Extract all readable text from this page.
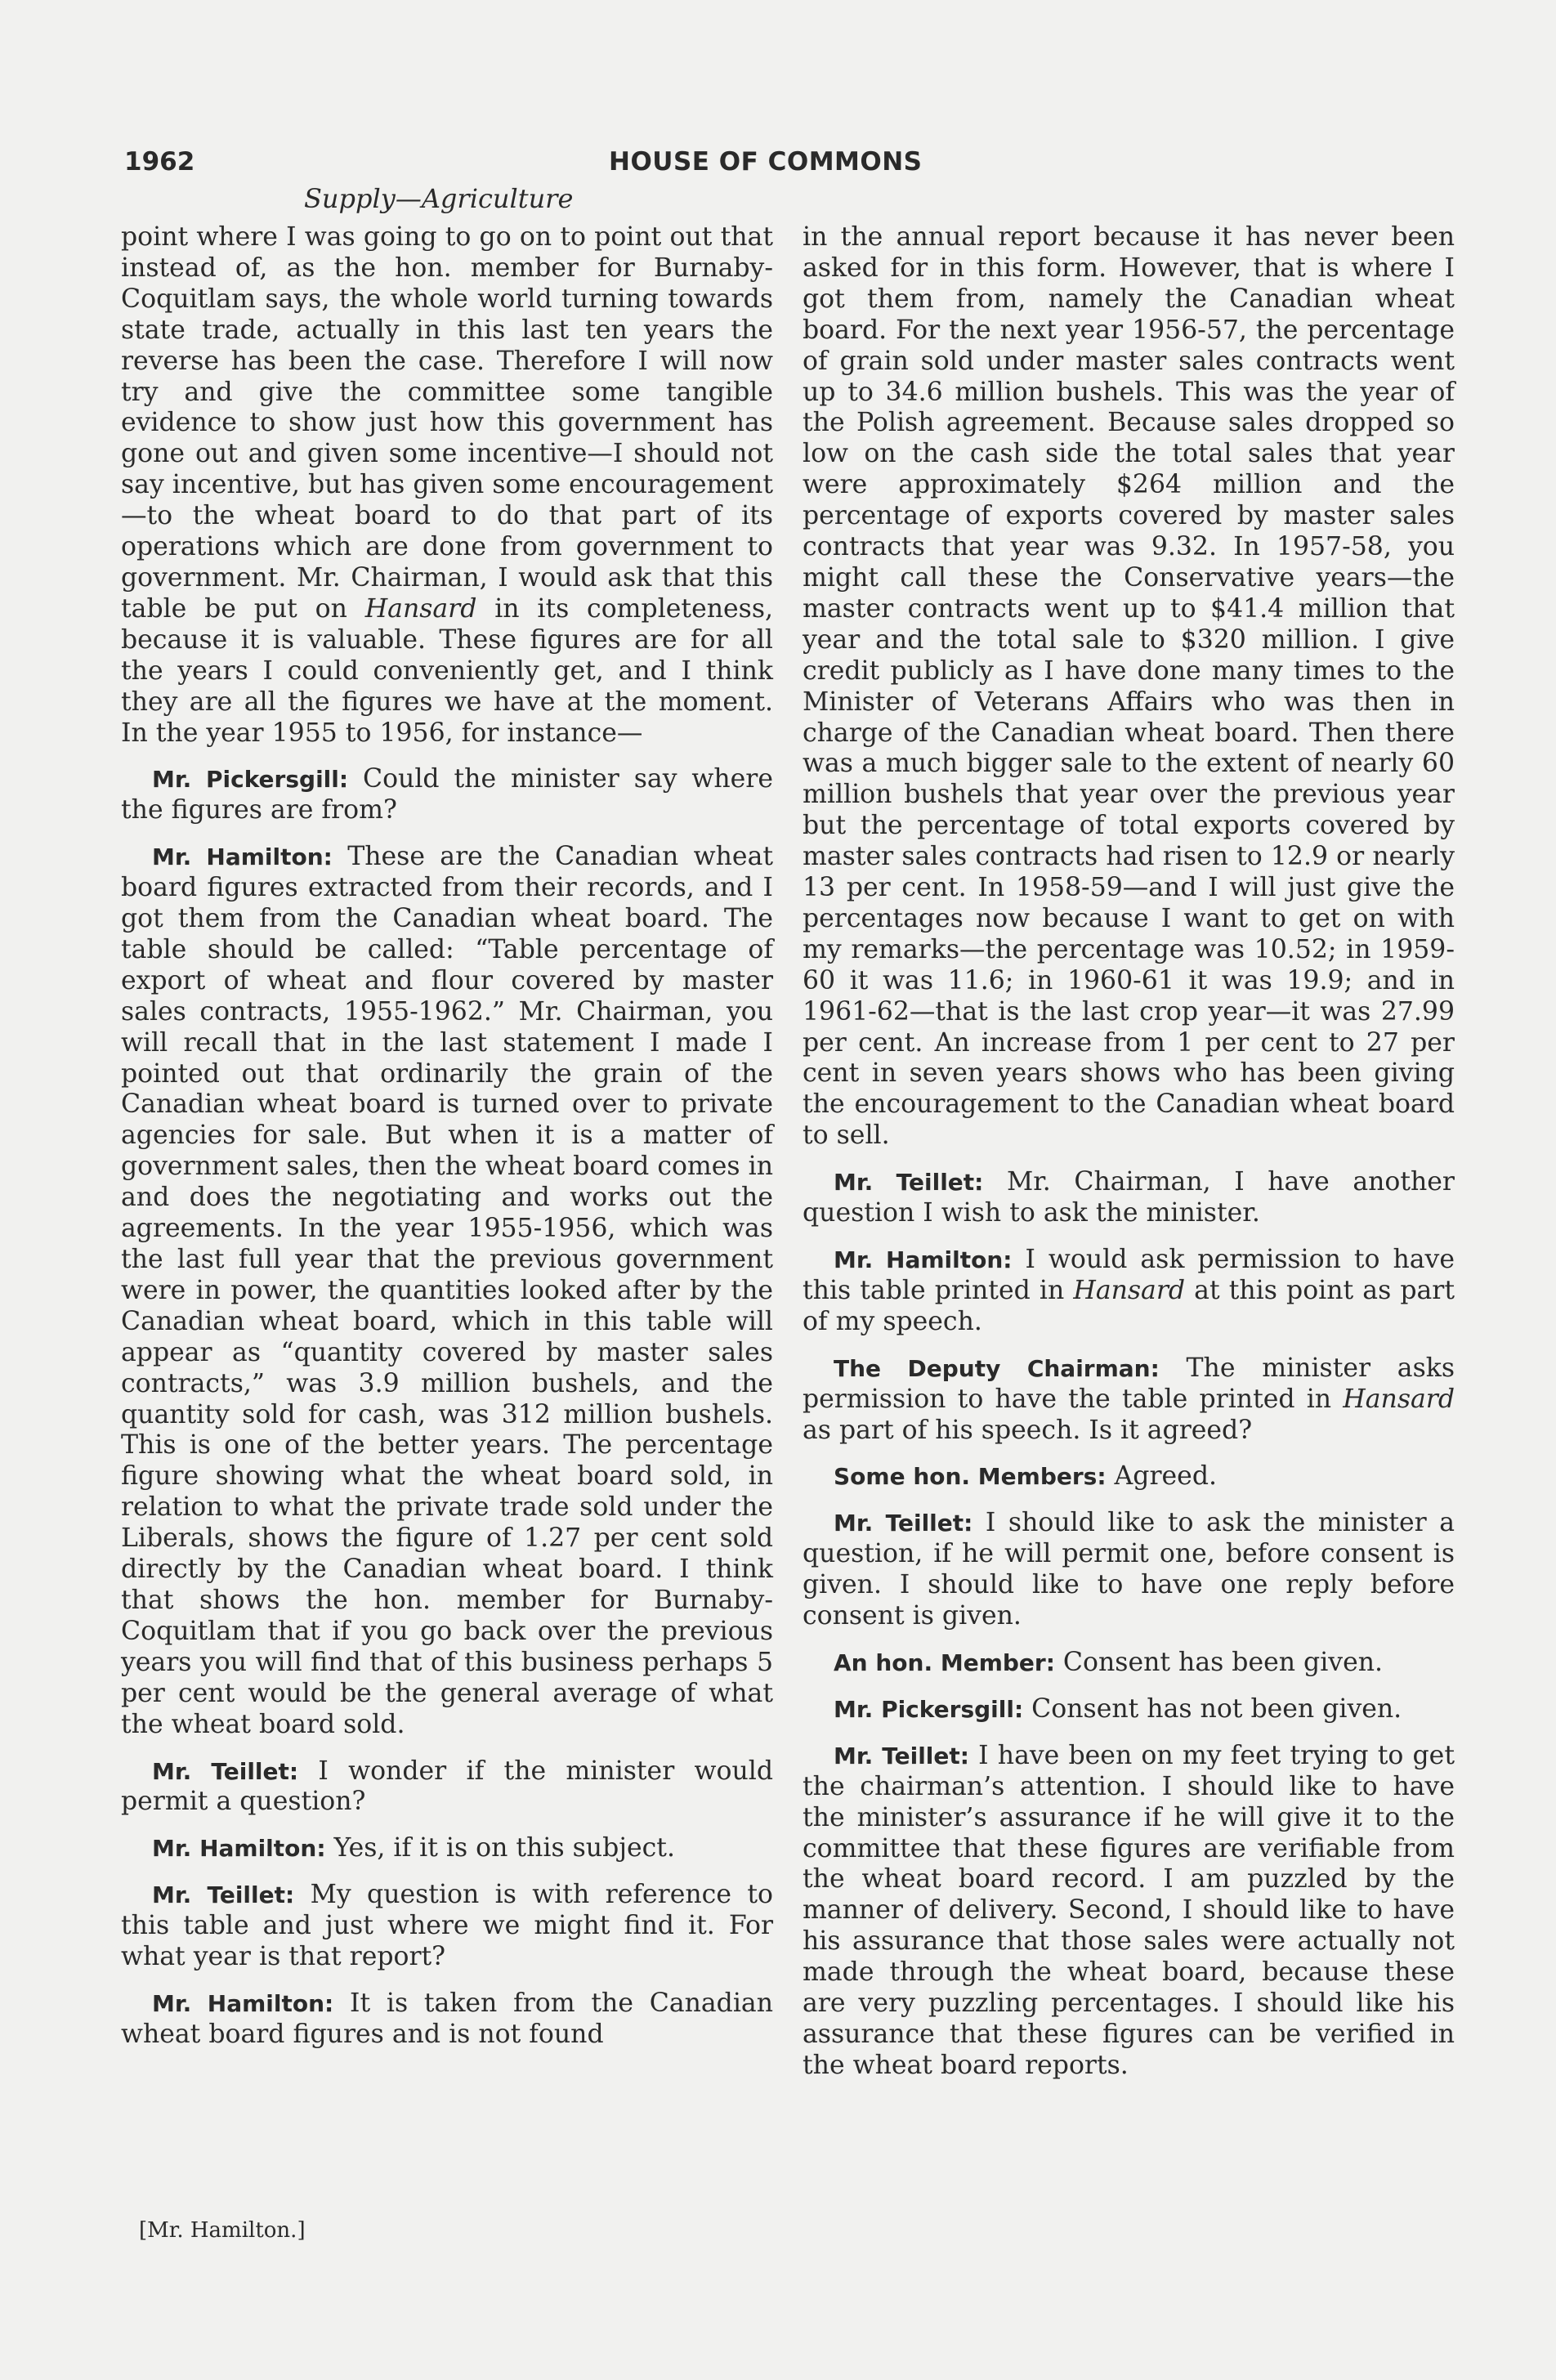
1962	HOUSE OF COMMONS
Supply—Agriculture

point where I was going to go on to point out that instead of, as the hon. member for Burnaby-Coquitlam says, the whole world turning towards state trade, actually in this last ten years the reverse has been the case. Therefore I will now try and give the committee some tangible evidence to show just how this government has gone out and given some incentive—I should not say incentive, but has given some encouragement—to the wheat board to do that part of its operations which are done from government to government. Mr. Chairman, I would ask that this table be put on Hansard in its completeness, because it is valuable. These figures are for all the years I could conveniently get, and I think they are all the figures we have at the moment. In the year 1955 to 1956, for instance—

Mr. Pickersgill: Could the minister say where the figures are from?

Mr. Hamilton: These are the Canadian wheat board figures extracted from their records, and I got them from the Canadian wheat board. The table should be called: “Table percentage of export of wheat and flour covered by master sales contracts, 1955-1962.” Mr. Chairman, you will recall that in the last statement I made I pointed out that ordinarily the grain of the Canadian wheat board is turned over to private agencies for sale. But when it is a matter of government sales, then the wheat board comes in and does the negotiating and works out the agreements. In the year 1955-1956, which was the last full year that the previous government were in power, the quantities looked after by the Canadian wheat board, which in this table will appear as “quantity covered by master sales contracts,” was 3.9 million bushels, and the quantity sold for cash, was 312 million bushels. This is one of the better years. The percentage figure showing what the wheat board sold, in relation to what the private trade sold under the Liberals, shows the figure of 1.27 per cent sold directly by the Canadian wheat board. I think that shows the hon. member for Burnaby-Coquitlam that if you go back over the previous years you will find that of this business perhaps 5 per cent would be the general average of what the wheat board sold.

Mr. Teillet: I wonder if the minister would permit a question?

Mr. Hamilton: Yes, if it is on this subject.

Mr. Teillet: My question is with reference to this table and just where we might find it. For what year is that report?

Mr. Hamilton: It is taken from the Canadian wheat board figures and is not found

in the annual report because it has never been asked for in this form. However, that is where I got them from, namely the Canadian wheat board. For the next year 1956-57, the percentage of grain sold under master sales contracts went up to 34.6 million bushels. This was the year of the Polish agreement. Because sales dropped so low on the cash side the total sales that year were approximately $264 million and the percentage of exports covered by master sales contracts that year was 9.32. In 1957-58, you might call these the Conservative years—the master contracts went up to $41.4 million that year and the total sale to $320 million. I give credit publicly as I have done many times to the Minister of Veterans Affairs who was then in charge of the Canadian wheat board. Then there was a much bigger sale to the extent of nearly 60 million bushels that year over the previous year but the percentage of total exports covered by master sales contracts had risen to 12.9 or nearly 13 per cent. In 1958-59—and I will just give the percentages now because I want to get on with my remarks—the percentage was 10.52; in 1959-60 it was 11.6; in 1960-61 it was 19.9; and in 1961-62—that is the last crop year—it was 27.99 per cent. An increase from 1 per cent to 27 per cent in seven years shows who has been giving the encouragement to the Canadian wheat board to sell.

Mr. Teillet: Mr. Chairman, I have another question I wish to ask the minister.

Mr. Hamilton: I would ask permission to have this table printed in Hansard at this point as part of my speech.

The Deputy Chairman: The minister asks permission to have the table printed in Hansard as part of his speech. Is it agreed?

Some hon. Members: Agreed.

Mr. Teillet: I should like to ask the minister a question, if he will permit one, before consent is given. I should like to have one reply before consent is given.

An hon. Member: Consent has been given.

Mr. Pickersgill: Consent has not been given.

Mr. Teillet: I have been on my feet trying to get the chairman’s attention. I should like to have the minister’s assurance if he will give it to the committee that these figures are verifiable from the wheat board record. I am puzzled by the manner of delivery. Second, I should like to have his assurance that those sales were actually not made through the wheat board, because these are very puzzling percentages. I should like his assurance that these figures can be verified in the wheat board reports.

[Mr. Hamilton.]
